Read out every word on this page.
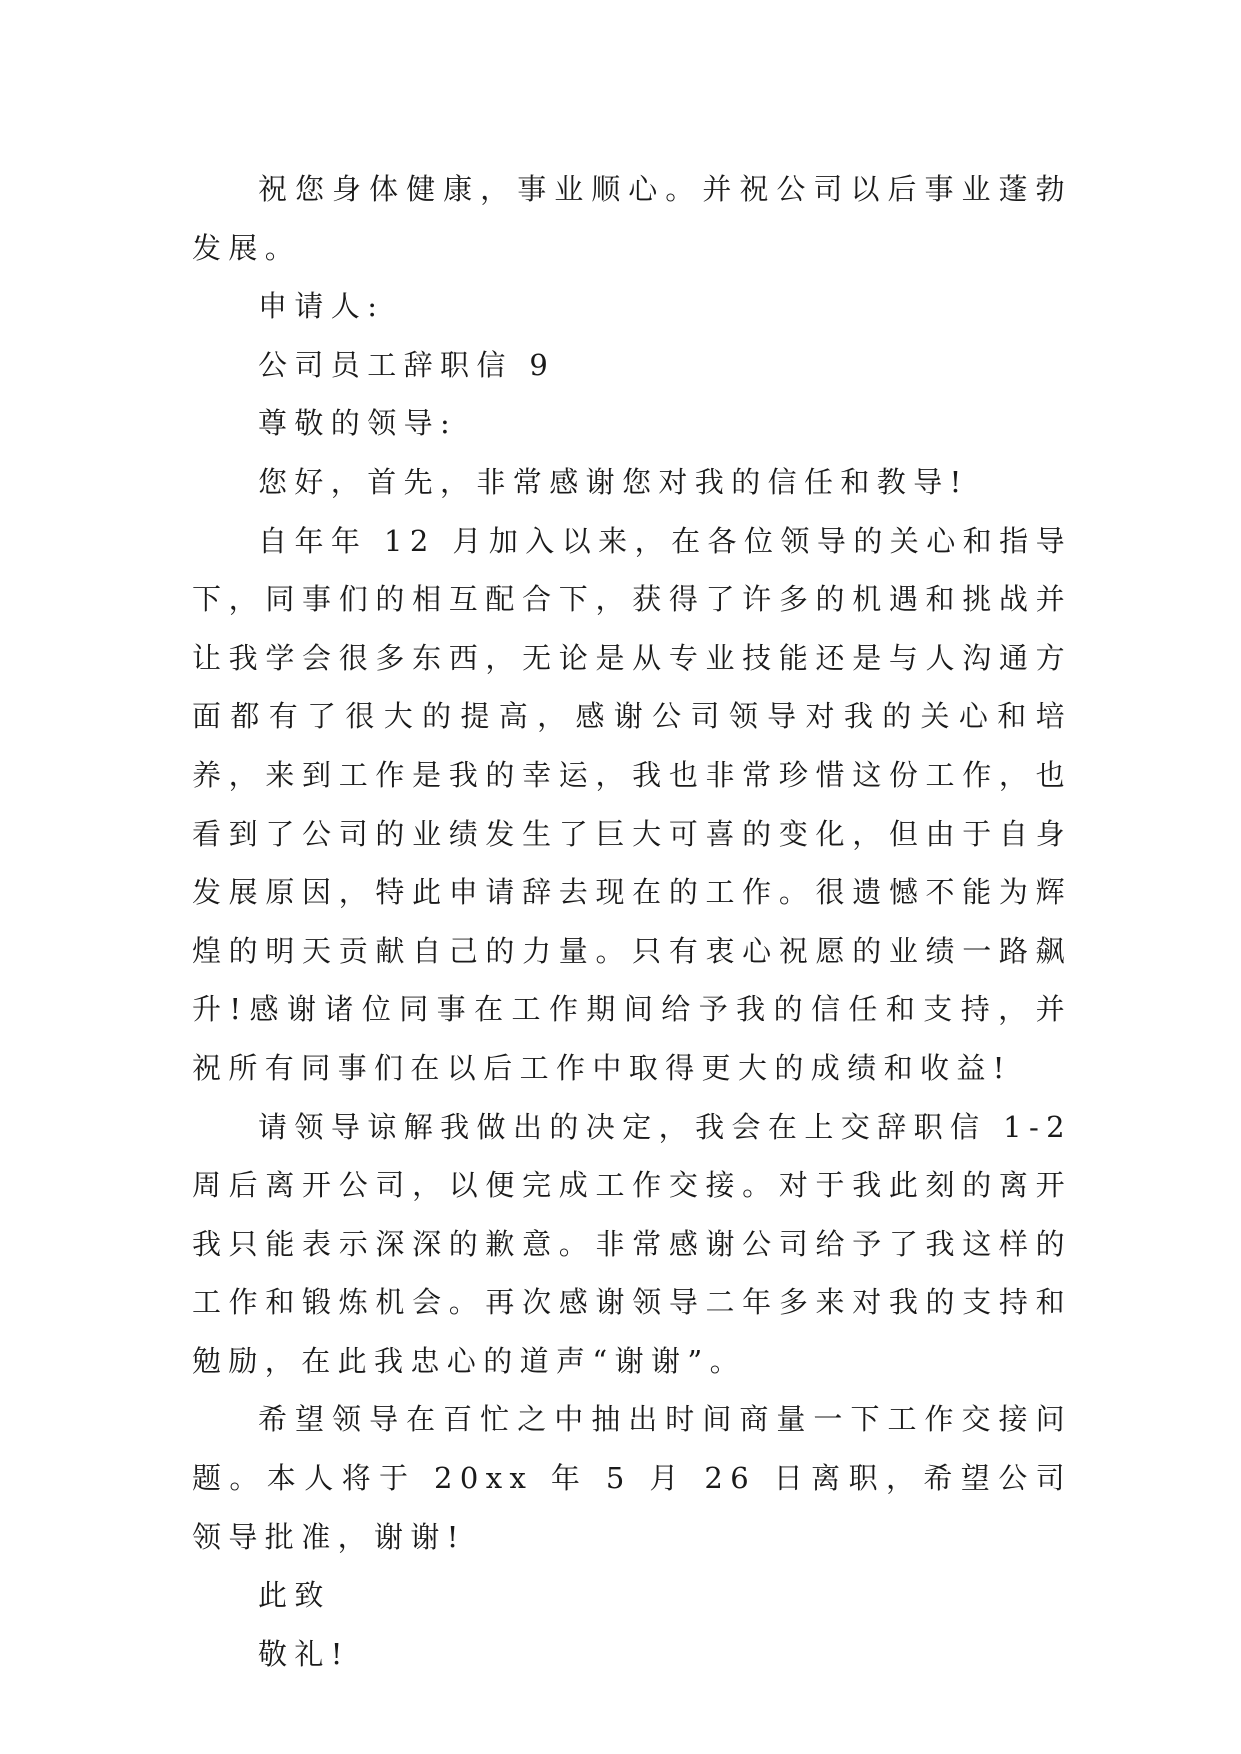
祝您身体健康，事业顺心。并祝公司以后事业蓬勃发展。

申请人:

公司员工辞职信 9

尊敬的领导:

您好，首先，非常感谢您对我的信任和教导!

自年年 12 月加入以来，在各位领导的关心和指导下，同事们的相互配合下，获得了许多的机遇和挑战并让我学会很多东西，无论是从专业技能还是与人沟通方面都有了很大的提高，感谢公司领导对我的关心和培养，来到工作是我的幸运，我也非常珍惜这份工作，也看到了公司的业绩发生了巨大可喜的变化，但由于自身发展原因，特此申请辞去现在的工作。很遗憾不能为辉煌的明天贡献自己的力量。只有衷心祝愿的业绩一路飙升!感谢诸位同事在工作期间给予我的信任和支持，并祝所有同事们在以后工作中取得更大的成绩和收益!

请领导谅解我做出的决定，我会在上交辞职信 1-2 周后离开公司，以便完成工作交接。对于我此刻的离开我只能表示深深的歉意。非常感谢公司给予了我这样的工作和锻炼机会。再次感谢领导二年多来对我的支持和勉励，在此我忠心的道声“谢谢”。

希望领导在百忙之中抽出时间商量一下工作交接问题。本人将于 20xx 年 5 月 26 日离职，希望公司领导批准，谢谢!

此致

敬礼!
